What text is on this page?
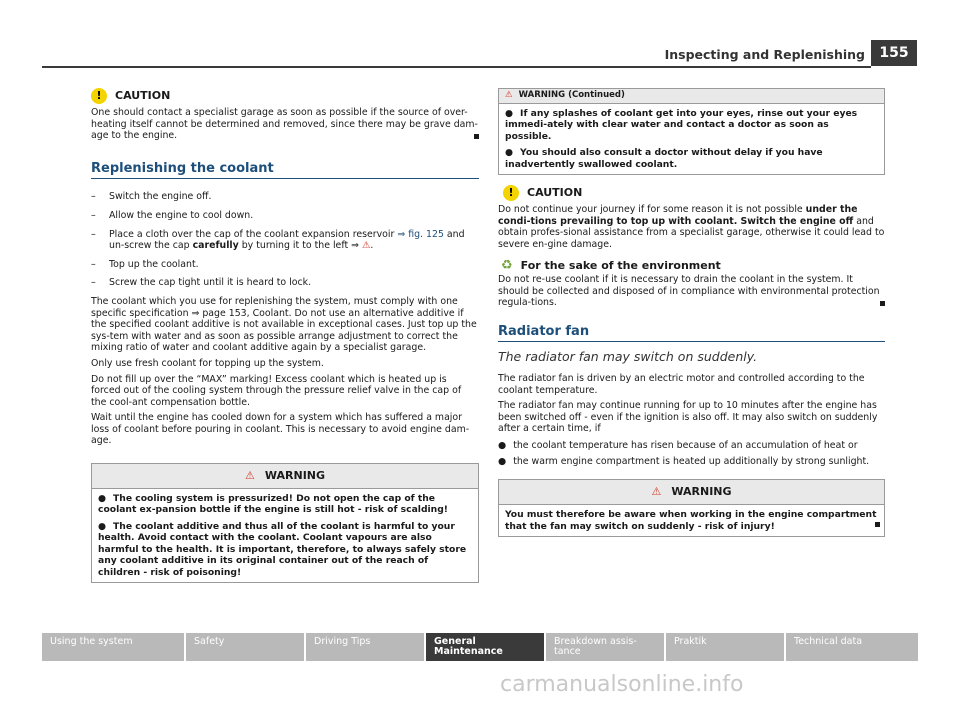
Inspecting and Replenishing	155
!	CAUTION

One should contact a specialist garage as soon as possible if the source of over-heating itself cannot be determined and removed, since there may be grave dam-age to the engine.

Replenishing the coolant
– Switch the engine off.
– Allow the engine to cool down.
– Place a cloth over the cap of the coolant expansion reservoir ⇒ fig. 125 and un-screw the cap carefully by turning it to the left ⇒ ⚠.
– Top up the coolant.
– Screw the cap tight until it is heard to lock.

The coolant which you use for replenishing the system, must comply with one specific specification ⇒ page 153, Coolant. Do not use an alternative additive if the specified coolant additive is not available in exceptional cases. Just top up the sys-tem with water and as soon as possible arrange adjustment to correct the mixing ratio of water and coolant additive again by a specialist garage.

Only use fresh coolant for topping up the system.

Do not fill up over the “MAX” marking! Excess coolant which is heated up is forced out of the cooling system through the pressure relief valve in the cap of the cool-ant compensation bottle.

Wait until the engine has cooled down for a system which has suffered a major loss of coolant before pouring in coolant. This is necessary to avoid engine dam-age.

⚠ WARNING

● The cooling system is pressurized! Do not open the cap of the coolant ex-pansion bottle if the engine is still hot - risk of scalding!

● The coolant additive and thus all of the coolant is harmful to your health. Avoid contact with the coolant. Coolant vapours are also harmful to the health. It is important, therefore, to always safely store any coolant additive in its original container out of the reach of children - risk of poisoning!

⚠ WARNING (Continued)

● If any splashes of coolant get into your eyes, rinse out your eyes immedi-ately with clear water and contact a doctor as soon as possible.

● You should also consult a doctor without delay if you have inadvertently swallowed coolant.

!	CAUTION

Do not continue your journey if for some reason it is not possible under the condi-tions prevailing to top up with coolant. Switch the engine off and obtain profes-sional assistance from a specialist garage, otherwise it could lead to severe en-gine damage.

♻ For the sake of the environment

Do not re-use coolant if it is necessary to drain the coolant in the system. It should be collected and disposed of in compliance with environmental protection regula-tions.

Radiator fan
The radiator fan may switch on suddenly.

The radiator fan is driven by an electric motor and controlled according to the coolant temperature.

The radiator fan may continue running for up to 10 minutes after the engine has been switched off - even if the ignition is also off. It may also switch on suddenly after a certain time, if

● the coolant temperature has risen because of an accumulation of heat or

● the warm engine compartment is heated up additionally by strong sunlight.

⚠ WARNING

You must therefore be aware when working in the engine compartment that the fan may switch on suddenly - risk of injury!

Using the system	Safety	Driving Tips	General Maintenance
Breakdown assis-tance
Praktik	Technical data
carmanualsonline.info
